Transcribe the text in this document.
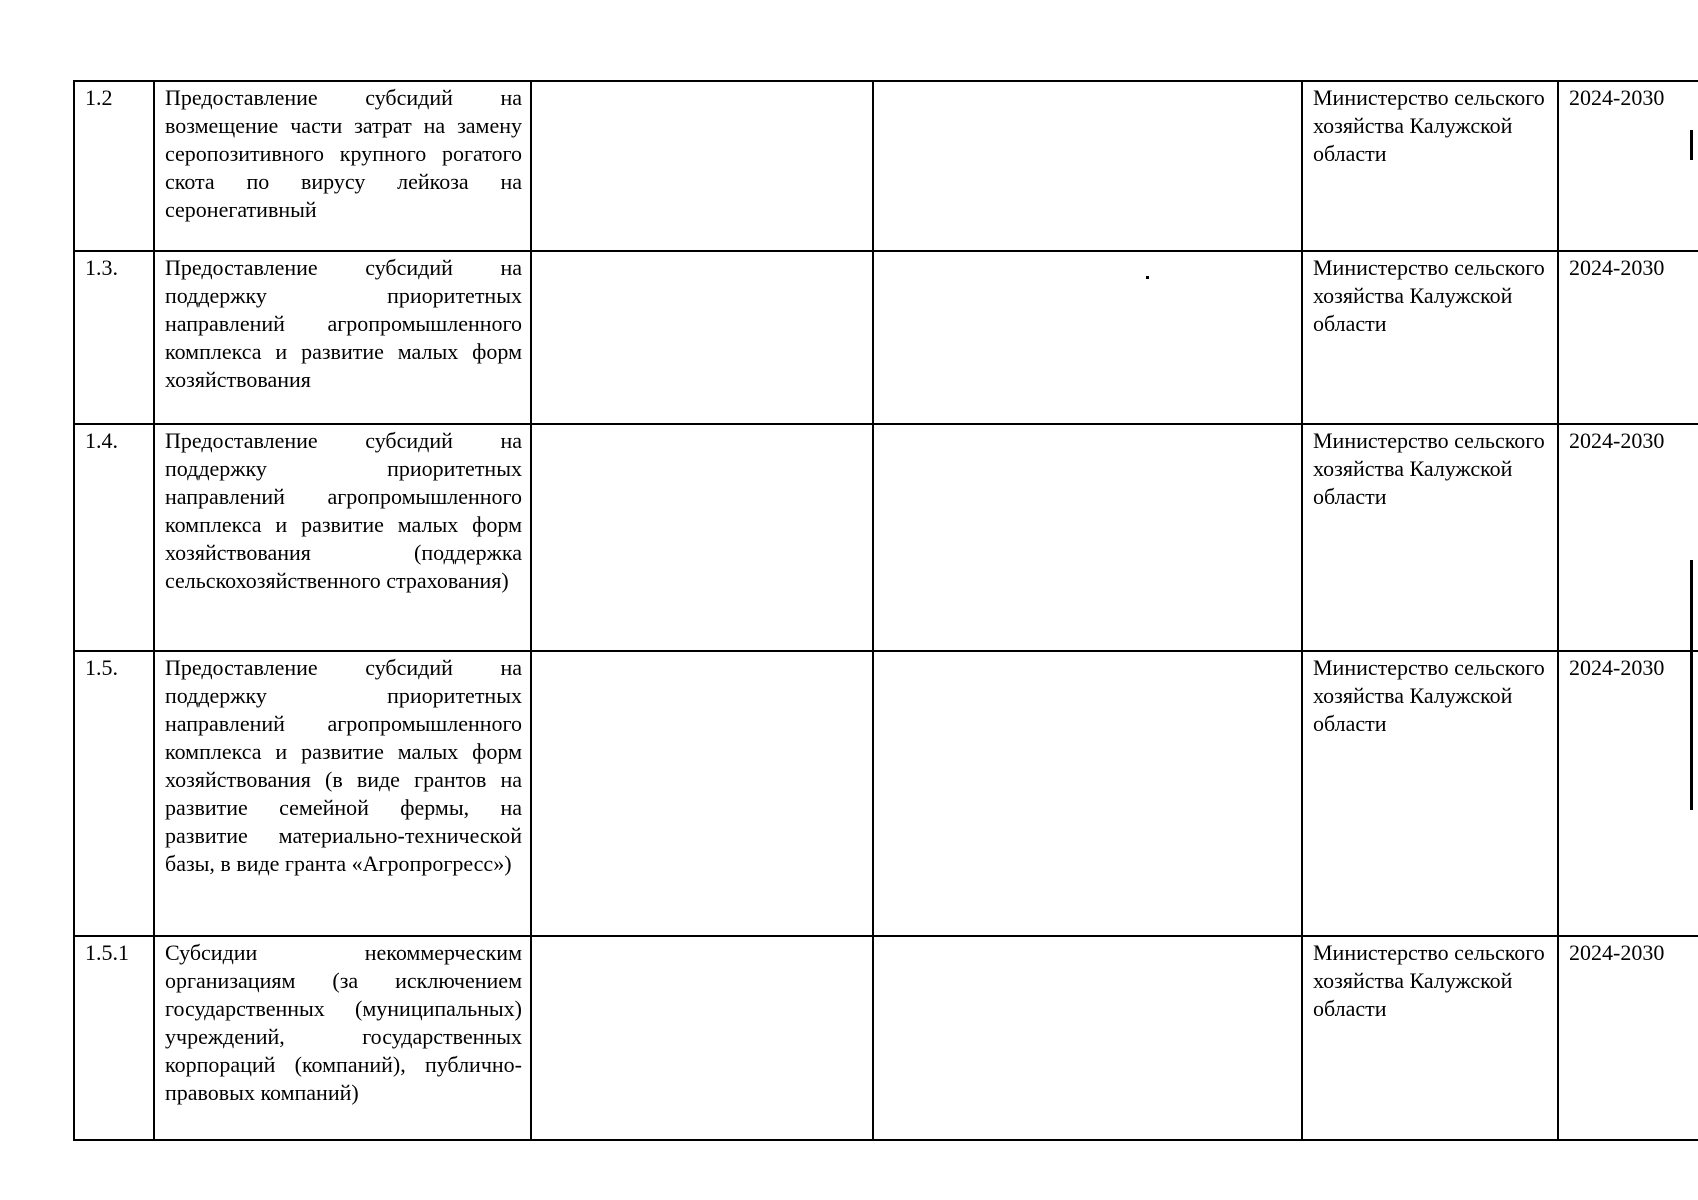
1.2	Предоставление субсидий на возмещение части затрат на замену серопозитивного крупного рогатого скота по вирусу лейкоза на серонегативный			Министерство сельского хозяйства Калужской области	2024-2030
1.3.	Предоставление субсидий на поддержку приоритетных направлений агропромышленного комплекса и развитие малых форм хозяйствования			Министерство сельского хозяйства Калужской области	2024-2030
1.4.	Предоставление субсидий на поддержку приоритетных направлений агропромышленного комплекса и развитие малых форм хозяйствования (поддержка сельскохозяйственного страхования)			Министерство сельского хозяйства Калужской области	2024-2030
1.5.	Предоставление субсидий на поддержку приоритетных направлений агропромышленного комплекса и развитие малых форм хозяйствования (в виде грантов на развитие семейной фермы, на развитие материально-технической базы, в виде гранта «Агропрогресс»)			Министерство сельского хозяйства Калужской области	2024-2030
1.5.1	Субсидии некоммерческим организациям (за исключением государственных (муниципальных) учреждений, государственных корпораций (компаний), публично-правовых компаний)			Министерство сельского хозяйства Калужской области	2024-2030
